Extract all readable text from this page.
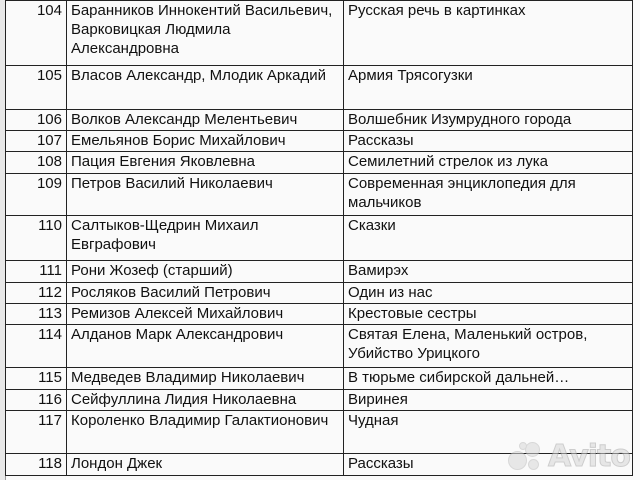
104	Баранников Иннокентий Васильевич, Варковицкая Людмила Александровна	Русская речь в картинках
105	Власов Александр, Млодик Аркадий	Армия Трясогузки
106	Волков Александр Мелентьевич	Волшебник Изумрудного города
107	Емельянов Борис Михайлович	Рассказы
108	Пация Евгения Яковлевна	Семилетний стрелок из лука
109	Петров Василий Николаевич	Современная энциклопедия для мальчиков
110	Салтыков-Щедрин Михаил Евграфович	Сказки
111	Рони Жозеф (старший)	Вамирэх
112	Росляков Василий Петрович	Один из нас
113	Ремизов Алексей Михайлович	Крестовые сестры
114	Алданов Марк Александрович	Святая Елена, Маленький остров, Убийство Урицкого
115	Медведев Владимир Николаевич	В тюрьме сибирской дальней…
116	Сейфуллина Лидия Николаевна	Виринея
117	Короленко Владимир Галактионович	Чудная
118	Лондон Джек	Рассказы	Avito
